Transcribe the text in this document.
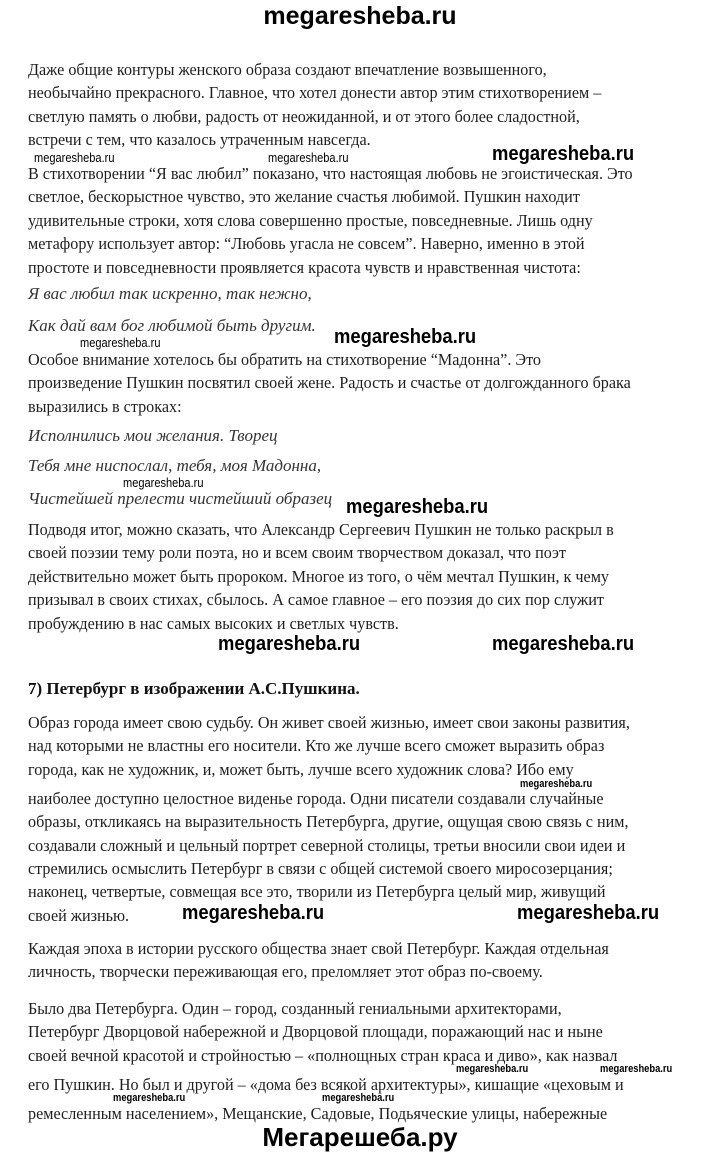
megaresheba.ru
Даже общие контуры женского образа создают впечатление возвышенного,
необычайно прекрасного. Главное, что хотел донести автор этим стихотворением –
светлую память о любви, радость от неожиданной, и от этого более сладостной,
встречи с тем, что казалось утраченным навсегда.
В стихотворении “Я вас любил” показано, что настоящая любовь не эгоистическая. Это
светлое, бескорыстное чувство, это желание счастья любимой. Пушкин находит
удивительные строки, хотя слова совершенно простые, повседневные. Лишь одну
метафору использует автор: “Любовь угасла не совсем”. Наверно, именно в этой
простоте и повседневности проявляется красота чувств и нравственная чистота:
Я вас любил так искренно, так нежно,
Как дай вам бог любимой быть другим.
Особое внимание хотелось бы обратить на стихотворение “Мадонна”. Это
произведение Пушкин посвятил своей жене. Радость и счастье от долгожданного брака
выразились в строках:
Исполнились мои желания. Творец
Тебя мне ниспослал, тебя, моя Мадонна,
Чистейшей прелести чистейший образец
Подводя итог, можно сказать, что Александр Сергеевич Пушкин не только раскрыл в
своей поэзии тему роли поэта, но и всем своим творчеством доказал, что поэт
действительно может быть пророком. Многое из того, о чём мечтал Пушкин, к чему
призывал в своих стихах, сбылось. А самое главное – его поэзия до сих пор служит
пробуждению в нас самых высоких и светлых чувств.
7) Петербург в изображении А.С.Пушкина.
Образ города имеет свою судьбу. Он живет своей жизнью, имеет свои законы развития,
над которыми не властны его носители. Кто же лучше всего сможет выразить образ
города, как не художник, и, может быть, лучше всего художник слова? Ибо ему
наиболее доступно целостное виденье города. Одни писатели создавали случайные
образы, откликаясь на выразительность Петербурга, другие, ощущая свою связь с ним,
создавали сложный и цельный портрет северной столицы, третьи вносили свои идеи и
стремились осмыслить Петербург в связи с общей системой своего миросозерцания;
наконец, четвертые, совмещая все это, творили из Петербурга целый мир, живущий
своей жизнью.
Каждая эпоха в истории русского общества знает свой Петербург. Каждая отдельная
личность, творчески переживающая его, преломляет этот образ по-своему.
Было два Петербурга. Один – город, созданный гениальными архитекторами,
Петербург Дворцовой набережной и Дворцовой площади, поражающий нас и ныне
своей вечной красотой и стройностью – «полнощных стран краса и диво», как назвал
его Пушкин. Но был и другой – «дома без всякой архитектуры», кишащие «цеховым и
ремесленным населением», Мещанские, Садовые, Подьяческие улицы, набережные
megaresheba.ru	megaresheba.ru	megaresheba.ru
megaresheba.ru
megaresheba.ru
megaresheba.ru
megaresheba.ru
megaresheba.ru	megaresheba.ru
megaresheba.ru
megaresheba.ru	megaresheba.ru
megaresheba.ru	megaresheba.ru
megaresheba.ru	megaresheba.ru
Мегарешеба.ру
